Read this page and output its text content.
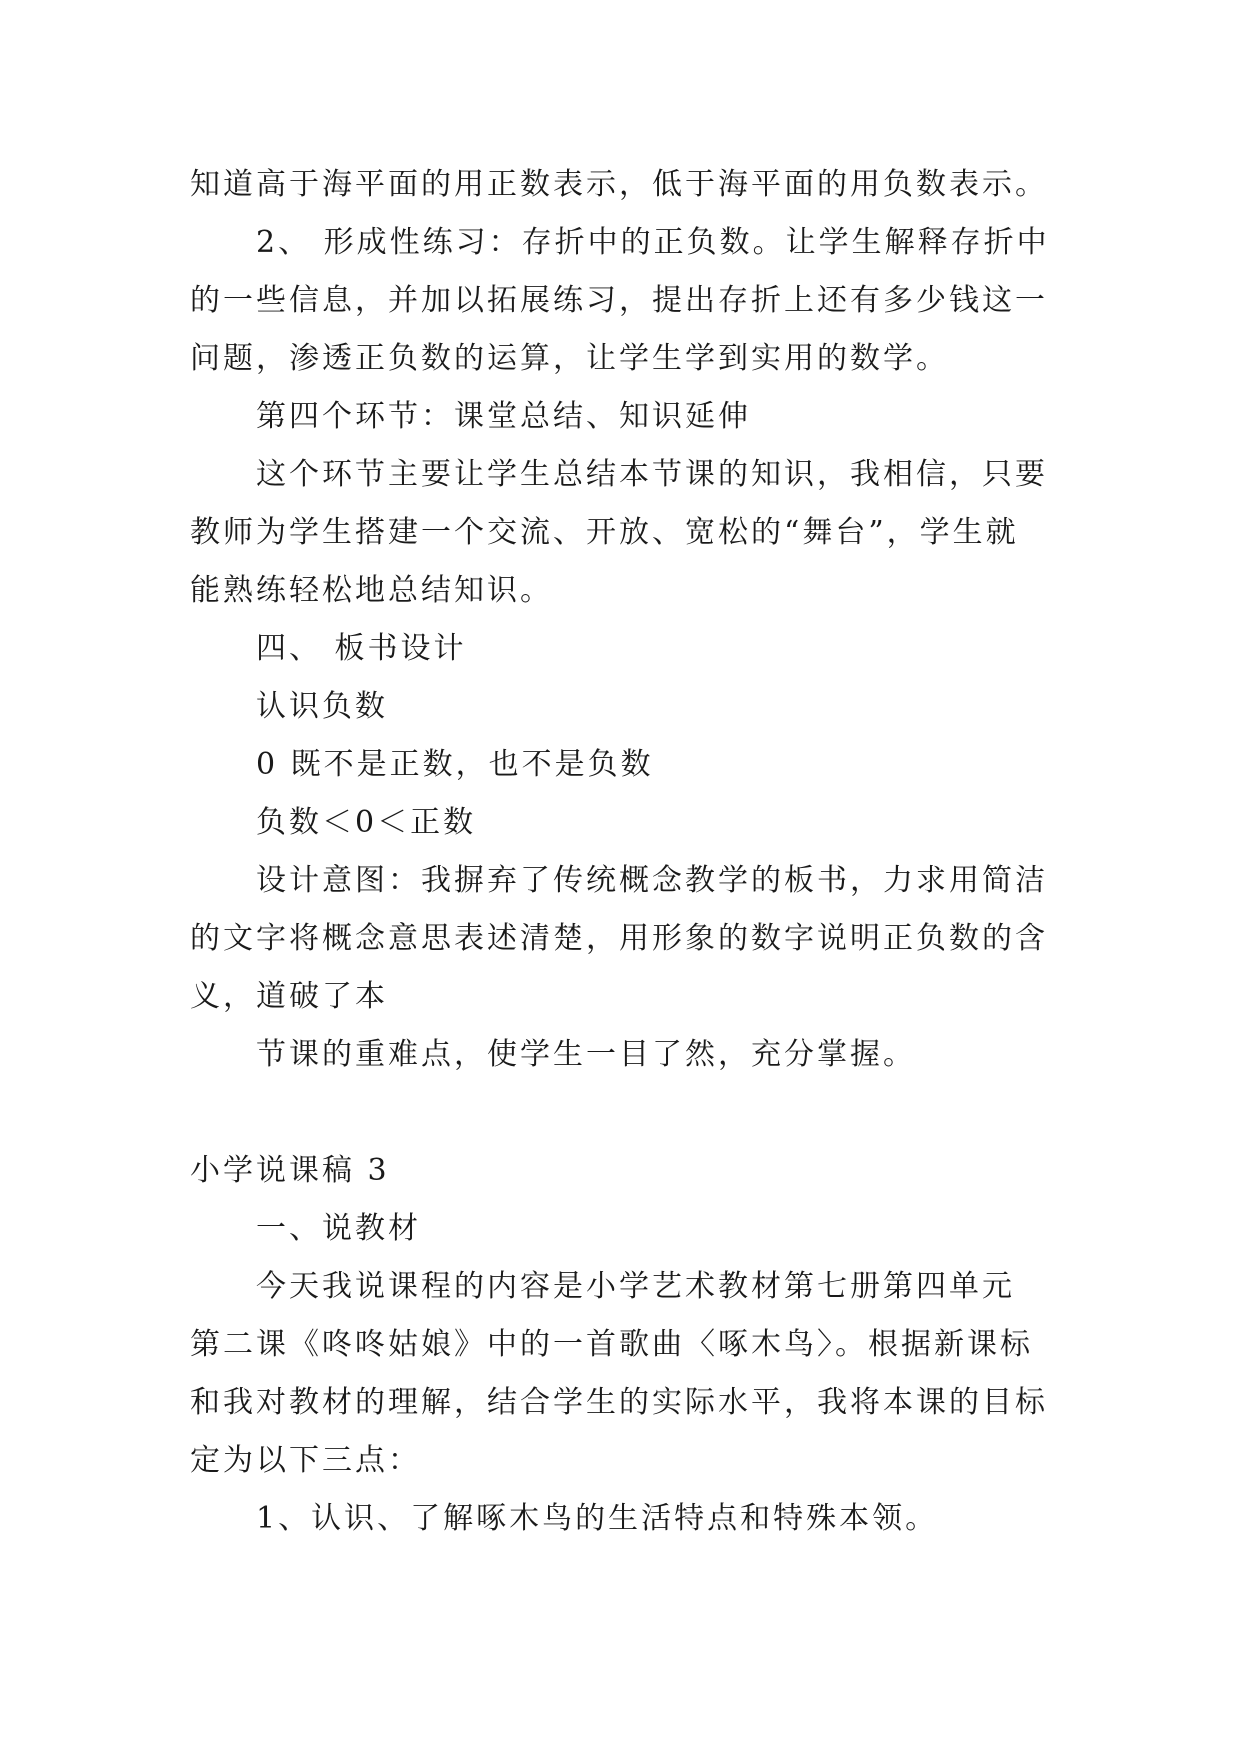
知道高于海平面的用正数表示，低于海平面的用负数表示。
2、 形成性练习：存折中的正负数。让学生解释存折中
的一些信息，并加以拓展练习，提出存折上还有多少钱这一
问题，渗透正负数的运算，让学生学到实用的数学。
第四个环节：课堂总结、知识延伸
这个环节主要让学生总结本节课的知识，我相信，只要
教师为学生搭建一个交流、开放、宽松的“舞台”，学生就
能熟练轻松地总结知识。
四、 板书设计
认识负数
0 既不是正数，也不是负数
负数＜0＜正数
设计意图：我摒弃了传统概念教学的板书，力求用简洁
的文字将概念意思表述清楚，用形象的数字说明正负数的含
义，道破了本
节课的重难点，使学生一目了然，充分掌握。
小学说课稿 3
一、说教材
今天我说课程的内容是小学艺术教材第七册第四单元
第二课《咚咚姑娘》中的一首歌曲〈啄木鸟〉。根据新课标
和我对教材的理解，结合学生的实际水平，我将本课的目标
定为以下三点：
1、认识、了解啄木鸟的生活特点和特殊本领。
